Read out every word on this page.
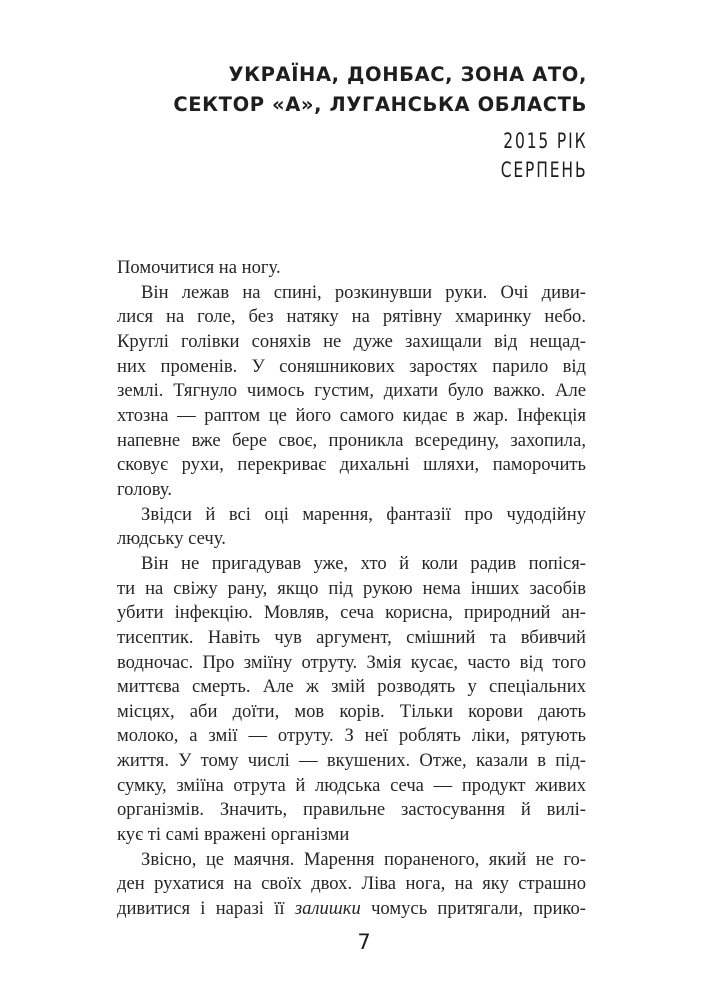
УКРАЇНА, ДОНБАС, ЗОНА АТО,
СЕКТОР «А», ЛУГАНСЬКА ОБЛАСТЬ
2015 РІК
СЕРПЕНЬ
Помочитися на ногу.
Він лежав на спині, розкинувши руки. Очі диви-
лися на голе, без натяку на рятівну хмаринку небо.
Круглі голівки соняхів не дуже захищали від нещад-
них променів. У соняшникових заростях парило від
землі. Тягнуло чимось густим, дихати було важко. Але
хтозна — раптом це його самого кидає в жар. Інфекція
напевне вже бере своє, проникла всередину, захопила,
сковує рухи, перекриває дихальні шляхи, паморочить
голову.
Звідси й всі оці марення, фантазії про чудодійну
людську сечу.
Він не пригадував уже, хто й коли радив попіся-
ти на свіжу рану, якщо під рукою нема інших засобів
убити інфекцію. Мовляв, сеча корисна, природний ан-
тисептик. Навіть чув аргумент, смішний та вбивчий
водночас. Про зміїну отруту. Змія кусає, часто від того
миттєва смерть. Але ж змій розводять у спеціальних
місцях, аби доїти, мов корів. Тільки корови дають
молоко, а змії — отруту. З неї роблять ліки, рятують
життя. У тому числі — вкушених. Отже, казали в під-
сумку, зміїна отрута й людська сеча — продукт живих
організмів. Значить, правильне застосування й вилі-
кує ті самі вражені організми
Звісно, це маячня. Марення пораненого, який не го-
ден рухатися на своїх двох. Ліва нога, на яку страшно
дивитися і наразі її залишки чомусь притягали, прико-
7
